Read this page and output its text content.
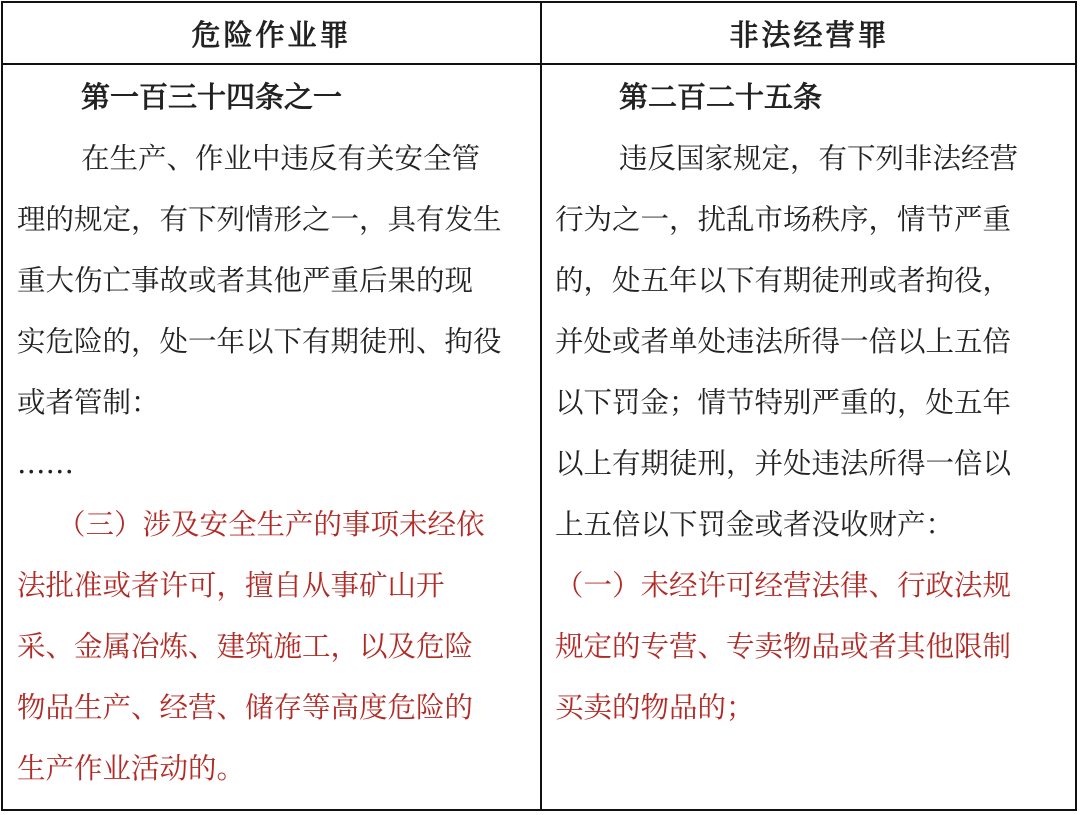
危险作业罪	非法经营罪
第一百三十四条之一
在生产、作业中违反有关安全管
理的规定，有下列情形之一，具有发生
重大伤亡事故或者其他严重后果的现
实危险的，处一年以下有期徒刑、拘役
或者管制：
……
（三）涉及安全生产的事项未经依
法批准或者许可，擅自从事矿山开
采、金属冶炼、建筑施工，以及危险
物品生产、经营、储存等高度危险的
生产作业活动的。
第二百二十五条
违反国家规定，有下列非法经营
行为之一，扰乱市场秩序，情节严重
的，处五年以下有期徒刑或者拘役，
并处或者单处违法所得一倍以上五倍
以下罚金；情节特别严重的，处五年
以上有期徒刑，并处违法所得一倍以
上五倍以下罚金或者没收财产：
（一）未经许可经营法律、行政法规
规定的专营、专卖物品或者其他限制
买卖的物品的；
